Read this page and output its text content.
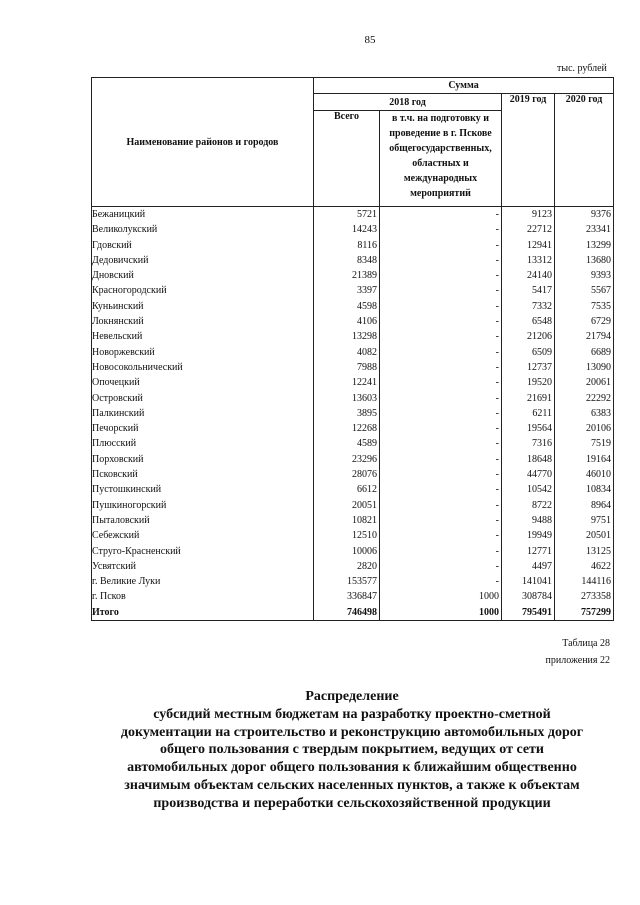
85
тыс. рублей
Наименование районов и городов	Сумма			
	2018 год		2019 год	2020 год
	Всего	в т.ч. на подготовку и проведение в г. Пскове общегосударственных, областных и международных мероприятий		
Бежаницкий	5721	-	9123	9376
Великолукский	14243	-	22712	23341
Гдовский	8116	-	12941	13299
Дедовичский	8348	-	13312	13680
Дновский	21389	-	24140	9393
Красногородский	3397	-	5417	5567
Куньинский	4598	-	7332	7535
Локнянский	4106	-	6548	6729
Невельский	13298	-	21206	21794
Новоржевский	4082	-	6509	6689
Новосокольнический	7988	-	12737	13090
Опочецкий	12241	-	19520	20061
Островский	13603	-	21691	22292
Палкинский	3895	-	6211	6383
Печорский	12268	-	19564	20106
Плюсский	4589	-	7316	7519
Порховский	23296	-	18648	19164
Псковский	28076	-	44770	46010
Пустошкинский	6612	-	10542	10834
Пушкиногорский	20051	-	8722	8964
Пыталовский	10821	-	9488	9751
Себежский	12510	-	19949	20501
Струго-Красненский	10006	-	12771	13125
Усвятский	2820	-	4497	4622
г. Великие Луки	153577	-	141041	144116
г. Псков	336847	1000	308784	273358
Итого	746498	1000	795491	757299
Таблица 28
приложения 22
Распределение
субсидий местным бюджетам на разработку проектно-сметной
документации на строительство и реконструкцию автомобильных дорог
общего пользования с твердым покрытием, ведущих от сети
автомобильных дорог общего пользования к ближайшим общественно
значимым объектам сельских населенных пунктов, а также к объектам
производства и переработки сельскохозяйственной продукции
